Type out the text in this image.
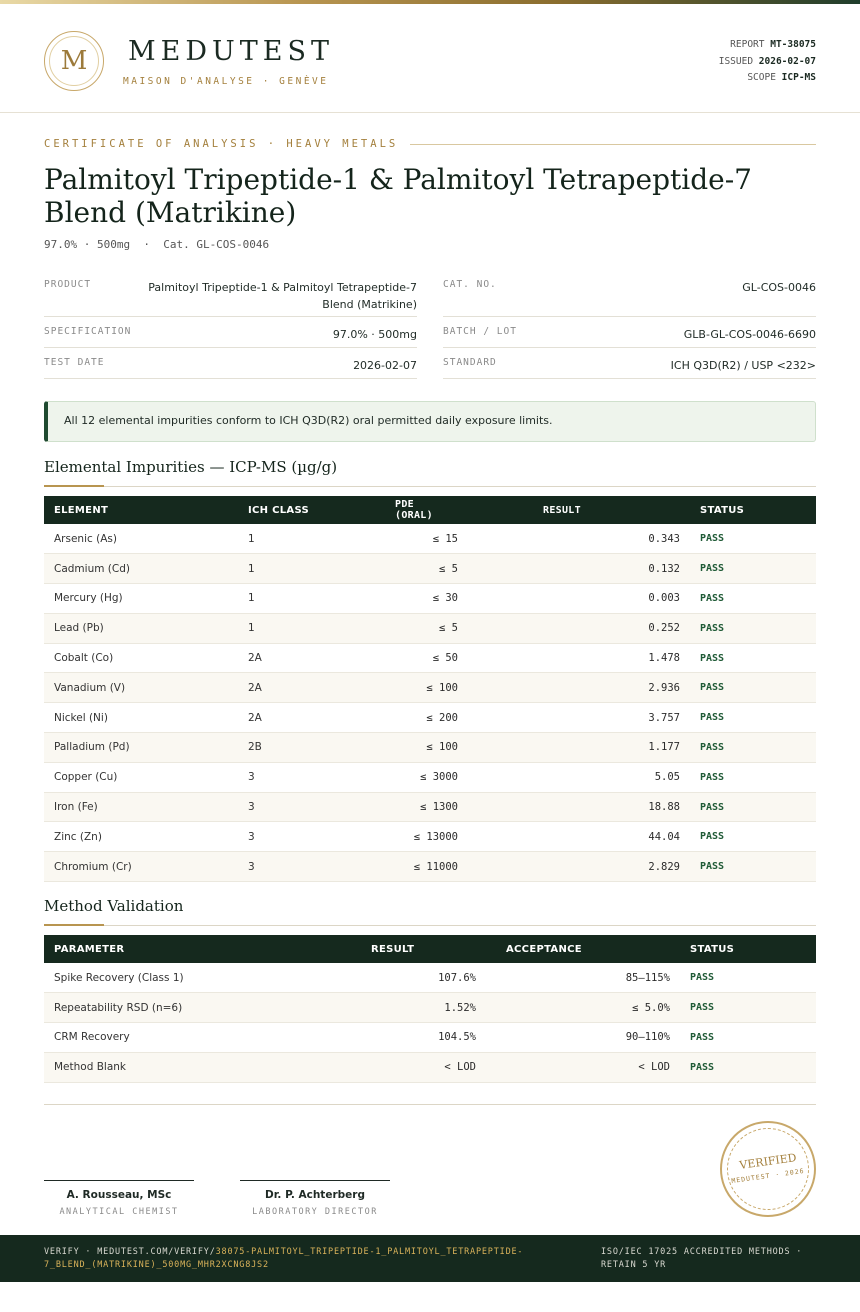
M	MEDUTEST
MAISON D'ANALYSE · GENÈVE
REPORT MT-38075
ISSUED 2026-02-07
SCOPE ICP-MS
CERTIFICATE OF ANALYSIS · HEAVY METALS
Palmitoyl Tripeptide-1 & Palmitoyl Tetrapeptide-7 Blend (Matrikine)
97.0% · 500mg  ·  Cat. GL-COS-0046
PRODUCT	Palmitoyl Tripeptide-1 & Palmitoyl Tetrapeptide-7 Blend (Matrikine)
SPECIFICATION	97.0% · 500mg
TEST DATE	2026-02-07
CAT. NO.	GL-COS-0046
BATCH / LOT	GLB-GL-COS-0046-6690
STANDARD	ICH Q3D(R2) / USP <232>
All 12 elemental impurities conform to ICH Q3D(R2) oral permitted daily exposure limits.
Elemental Impurities — ICP-MS (µg/g)
ELEMENT	ICH CLASS	PDE (ORAL)	RESULT	STATUS
Arsenic (As)	1	≤ 15	0.343	PASS
Cadmium (Cd)	1	≤ 5	0.132	PASS
Mercury (Hg)	1	≤ 30	0.003	PASS
Lead (Pb)	1	≤ 5	0.252	PASS
Cobalt (Co)	2A	≤ 50	1.478	PASS
Vanadium (V)	2A	≤ 100	2.936	PASS
Nickel (Ni)	2A	≤ 200	3.757	PASS
Palladium (Pd)	2B	≤ 100	1.177	PASS
Copper (Cu)	3	≤ 3000	5.05	PASS
Iron (Fe)	3	≤ 1300	18.88	PASS
Zinc (Zn)	3	≤ 13000	44.04	PASS
Chromium (Cr)	3	≤ 11000	2.829	PASS
Method Validation
PARAMETER	RESULT	ACCEPTANCE	STATUS
Spike Recovery (Class 1)	107.6%	85–115%	PASS
Repeatability RSD (n=6)	1.52%	≤ 5.0%	PASS
CRM Recovery	104.5%	90–110%	PASS
Method Blank	< LOD	< LOD	PASS
A. Rousseau, MSc
ANALYTICAL CHEMIST
Dr. P. Achterberg
LABORATORY DIRECTOR
VERIFIED
MEDUTEST · 2026
VERIFY · MEDUTEST.COM/VERIFY/38075-PALMITOYL_TRIPEPTIDE-1_PALMITOYL_TETRAPEPTIDE-7_BLEND_(MATRIKINE)_500MG_MHR2XCNG8JS2
ISO/IEC 17025 ACCREDITED METHODS · RETAIN 5 YR
